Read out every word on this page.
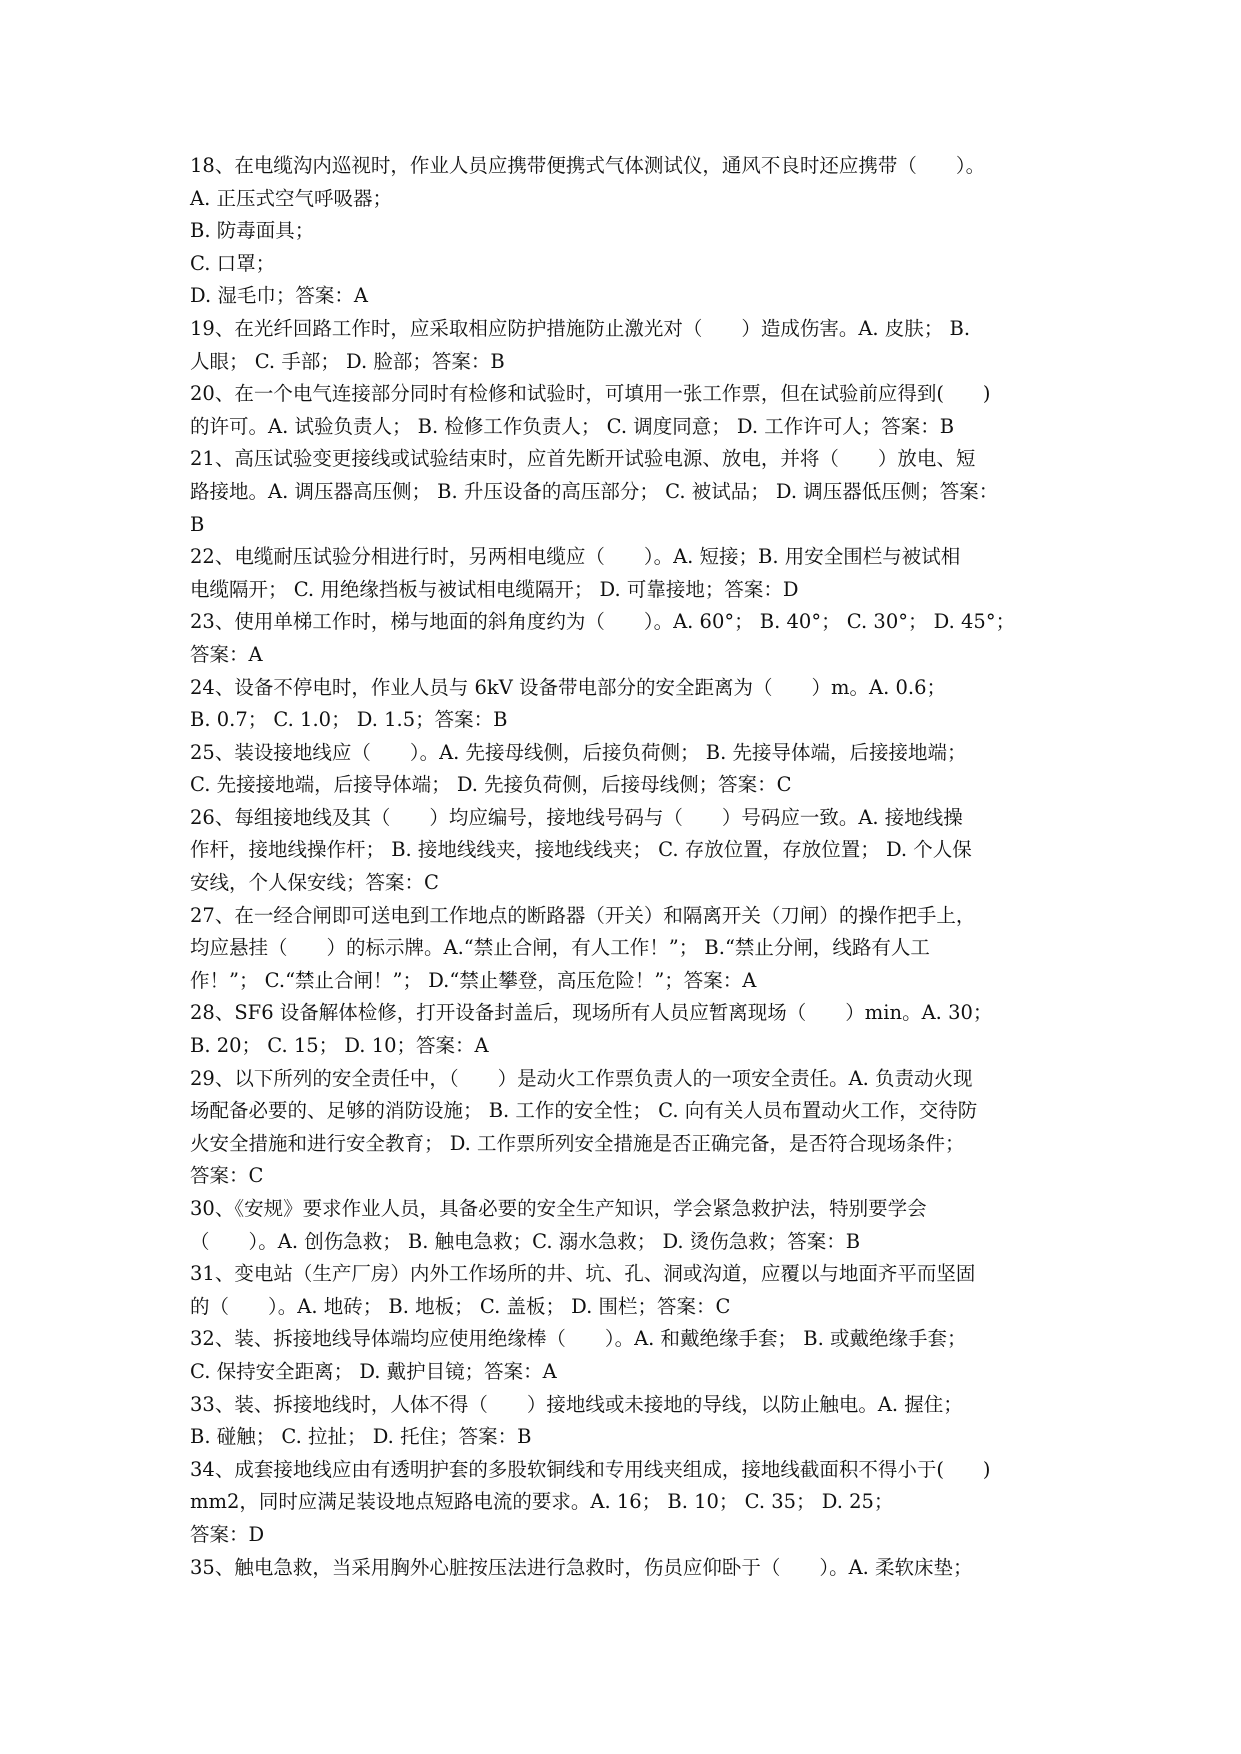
18、在电缆沟内巡视时，作业人员应携带便携式气体测试仪，通风不良时还应携带（　　）。
A. 正压式空气呼吸器；
B. 防毒面具；
C. 口罩；
D. 湿毛巾；答案：A
19、在光纤回路工作时，应采取相应防护措施防止激光对（　　）造成伤害。A. 皮肤； B.
人眼； C. 手部； D. 脸部；答案：B
20、在一个电气连接部分同时有检修和试验时，可填用一张工作票，但在试验前应得到(　　)
的许可。A. 试验负责人； B. 检修工作负责人； C. 调度同意； D. 工作许可人；答案：B
21、高压试验变更接线或试验结束时，应首先断开试验电源、放电，并将（　　）放电、短
路接地。A. 调压器高压侧； B. 升压设备的高压部分； C. 被试品； D. 调压器低压侧；答案：
B
22、电缆耐压试验分相进行时，另两相电缆应（　　）。A. 短接；B. 用安全围栏与被试相
电缆隔开； C. 用绝缘挡板与被试相电缆隔开； D. 可靠接地；答案：D
23、使用单梯工作时，梯与地面的斜角度约为（　　）。A. 60°； B. 40°； C. 30°； D. 45°；
答案：A
24、设备不停电时，作业人员与 6kV 设备带电部分的安全距离为（　　）m。A. 0.6；
B. 0.7； C. 1.0； D. 1.5；答案：B
25、装设接地线应（　　）。A. 先接母线侧，后接负荷侧； B. 先接导体端，后接接地端；
C. 先接接地端，后接导体端； D. 先接负荷侧，后接母线侧；答案：C
26、每组接地线及其（　　）均应编号，接地线号码与（　　）号码应一致。A. 接地线操
作杆，接地线操作杆； B. 接地线线夹，接地线线夹； C. 存放位置，存放位置； D. 个人保
安线，个人保安线；答案：C
27、在一经合闸即可送电到工作地点的断路器（开关）和隔离开关（刀闸）的操作把手上，
均应悬挂（　　）的标示牌。A.“禁止合闸，有人工作！”； B.“禁止分闸，线路有人工
作！”； C.“禁止合闸！”； D.“禁止攀登，高压危险！”；答案：A
28、SF6 设备解体检修，打开设备封盖后，现场所有人员应暂离现场（　　）min。A. 30；
B. 20； C. 15； D. 10；答案：A
29、以下所列的安全责任中，（　　）是动火工作票负责人的一项安全责任。A. 负责动火现
场配备必要的、足够的消防设施； B. 工作的安全性； C. 向有关人员布置动火工作，交待防
火安全措施和进行安全教育； D. 工作票所列安全措施是否正确完备，是否符合现场条件；
答案：C
30、《安规》要求作业人员，具备必要的安全生产知识，学会紧急救护法，特别要学会
（　　）。A. 创伤急救； B. 触电急救；C. 溺水急救； D. 烫伤急救；答案：B
31、变电站（生产厂房）内外工作场所的井、坑、孔、洞或沟道，应覆以与地面齐平而坚固
的（　　）。A. 地砖； B. 地板； C. 盖板； D. 围栏；答案：C
32、装、拆接地线导体端均应使用绝缘棒（　　）。A. 和戴绝缘手套； B. 或戴绝缘手套；
C. 保持安全距离； D. 戴护目镜；答案：A
33、装、拆接地线时，人体不得（　　）接地线或未接地的导线，以防止触电。A. 握住；
B. 碰触； C. 拉扯； D. 托住；答案：B
34、成套接地线应由有透明护套的多股软铜线和专用线夹组成，接地线截面积不得小于(　　)
mm2，同时应满足装设地点短路电流的要求。A. 16； B. 10； C. 35； D. 25；
答案：D
35、触电急救，当采用胸外心脏按压法进行急救时，伤员应仰卧于（　　）。A. 柔软床垫；
